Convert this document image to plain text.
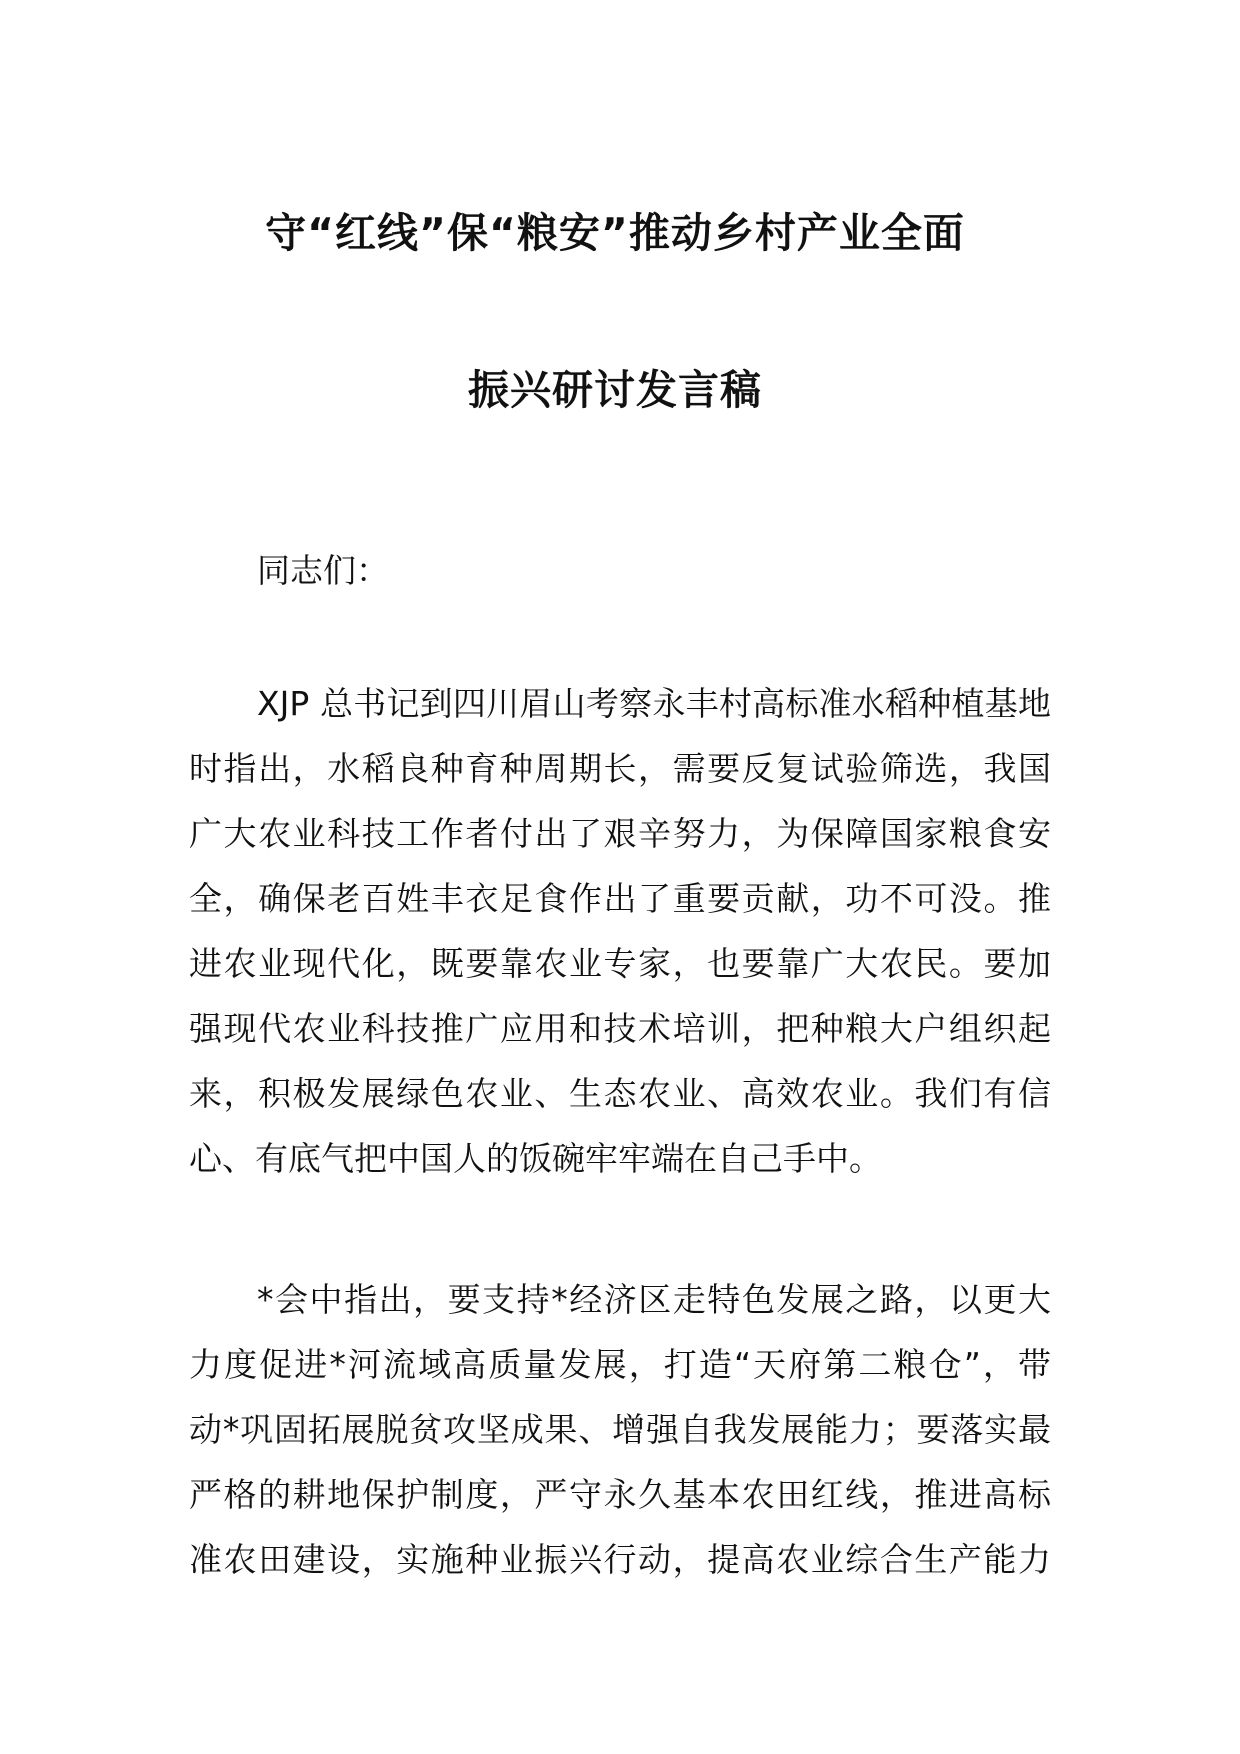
守“红线”保“粮安”推动乡村产业全面
振兴研讨发言稿
同志们：
XJP 总书记到四川眉山考察永丰村高标准水稻种植基地
时指出，水稻良种育种周期长，需要反复试验筛选，我国
广大农业科技工作者付出了艰辛努力，为保障国家粮食安
全，确保老百姓丰衣足食作出了重要贡献，功不可没。推
进农业现代化，既要靠农业专家，也要靠广大农民。要加
强现代农业科技推广应用和技术培训，把种粮大户组织起
来，积极发展绿色农业、生态农业、高效农业。我们有信
心、有底气把中国人的饭碗牢牢端在自己手中。
*会中指出，要支持*经济区走特色发展之路，以更大
力度促进*河流域高质量发展，打造“天府第二粮仓”，带
动*巩固拓展脱贫攻坚成果、增强自我发展能力；要落实最
严格的耕地保护制度，严守永久基本农田红线，推进高标
准农田建设，实施种业振兴行动，提高农业综合生产能力
